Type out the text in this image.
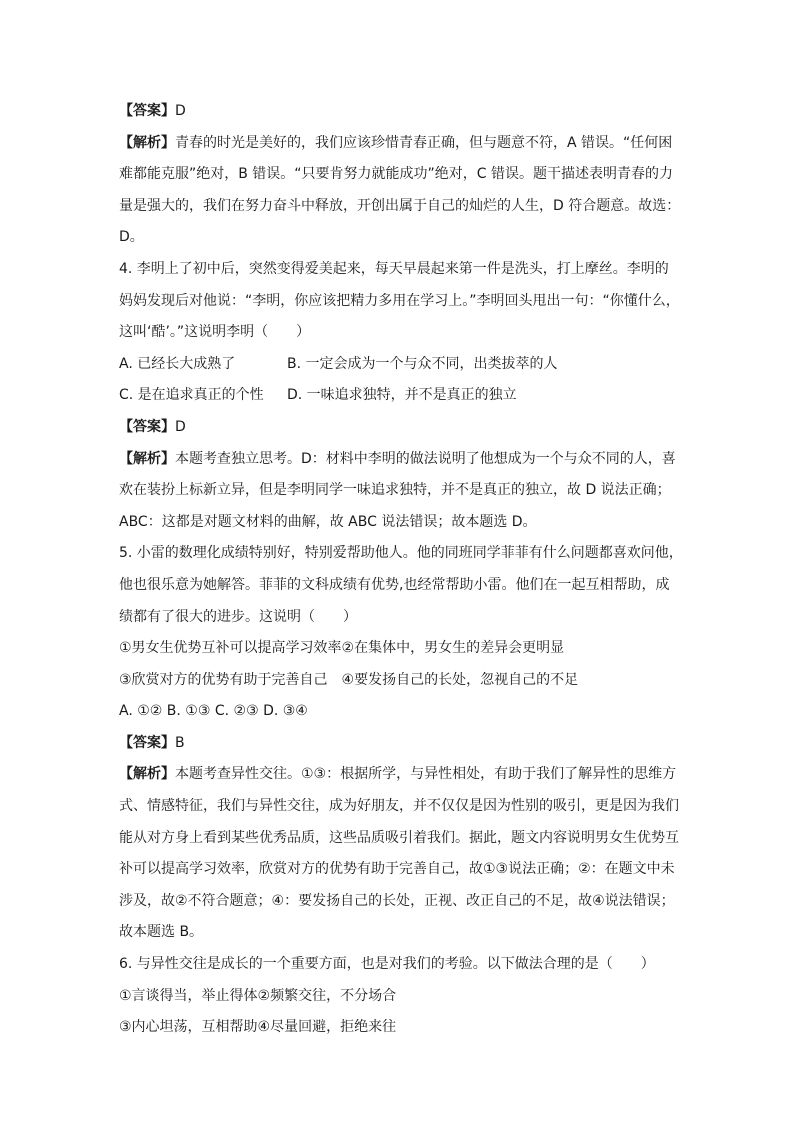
【答案】D
【解析】青春的时光是美好的，我们应该珍惜青春正确，但与题意不符，A 错误。“任何困
难都能克服”绝对，B 错误。“只要肯努力就能成功”绝对，C 错误。题干描述表明青春的力
量是强大的，我们在努力奋斗中释放，开创出属于自己的灿烂的人生，D 符合题意。故选：
D。
4. 李明上了初中后，突然变得爱美起来，每天早晨起来第一件是洗头，打上摩丝。李明的
妈妈发现后对他说：“李明，你应该把精力多用在学习上。”李明回头甩出一句：“你懂什么，
这叫‘酷’。”这说明李明（　　）
A. 已经长大成熟了	B. 一定会成为一个与众不同，出类拔萃的人
C. 是在追求真正的个性 D. 一味追求独特，并不是真正的独立
【答案】D
【解析】本题考查独立思考。D：材料中李明的做法说明了他想成为一个与众不同的人，喜
欢在装扮上标新立异，但是李明同学一味追求独特，并不是真正的独立，故 D 说法正确；
ABC：这都是对题文材料的曲解，故 ABC 说法错误；故本题选 D。
5. 小雷的数理化成绩特别好，特别爱帮助他人。他的同班同学菲菲有什么问题都喜欢问他，
他也很乐意为她解答。菲菲的文科成绩有优势,也经常帮助小雷。他们在一起互相帮助，成
绩都有了很大的进步。这说明（　　）
①男女生优势互补可以提高学习效率②在集体中，男女生的差异会更明显
③欣赏对方的优势有助于完善自己　④要发扬自己的长处，忽视自己的不足
A. ①② B. ①③ C. ②③ D. ③④
【答案】B
【解析】本题考查异性交往。①③：根据所学，与异性相处，有助于我们了解异性的思维方
式、情感特征，我们与异性交往，成为好朋友，并不仅仅是因为性别的吸引，更是因为我们
能从对方身上看到某些优秀品质，这些品质吸引着我们。据此，题文内容说明男女生优势互
补可以提高学习效率，欣赏对方的优势有助于完善自己，故①③说法正确；②：在题文中未
涉及，故②不符合题意；④：要发扬自己的长处，正视、改正自己的不足，故④说法错误；
故本题选 B。
6. 与异性交往是成长的一个重要方面，也是对我们的考验。以下做法合理的是（　　）
①言谈得当，举止得体②频繁交往，不分场合
③内心坦荡，互相帮助④尽量回避，拒绝来往
